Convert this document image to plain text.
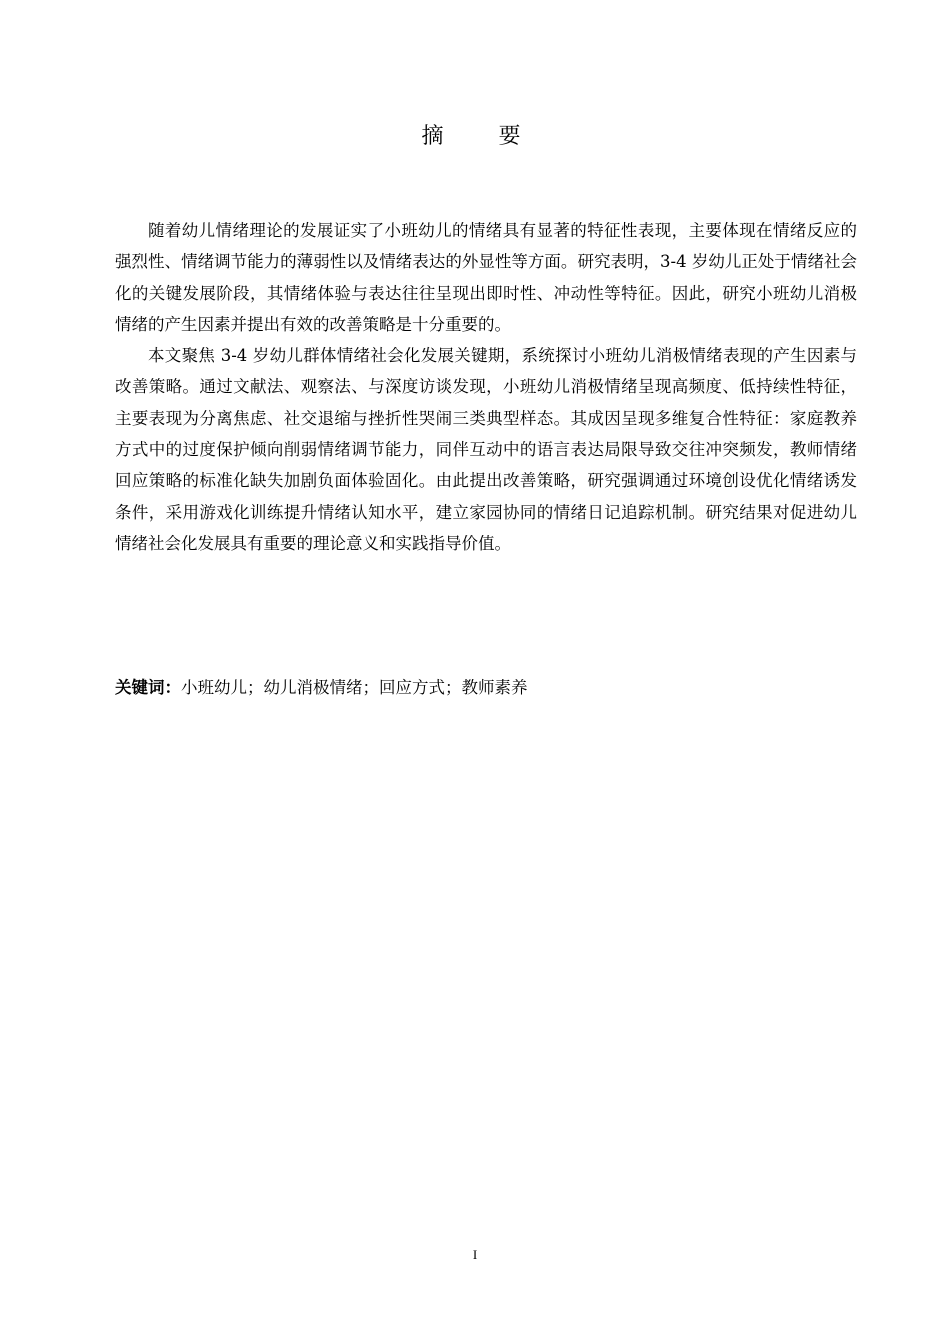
摘 要

随着幼儿情绪理论的发展证实了小班幼儿的情绪具有显著的特征性表现，主要体现在情绪反应的强烈性、情绪调节能力的薄弱性以及情绪表达的外显性等方面。研究表明，3-4 岁幼儿正处于情绪社会化的关键发展阶段，其情绪体验与表达往往呈现出即时性、冲动性等特征。因此，研究小班幼儿消极情绪的产生因素并提出有效的改善策略是十分重要的。

本文聚焦 3-4 岁幼儿群体情绪社会化发展关键期，系统探讨小班幼儿消极情绪表现的产生因素与改善策略。通过文献法、观察法、与深度访谈发现，小班幼儿消极情绪呈现高频度、低持续性特征，主要表现为分离焦虑、社交退缩与挫折性哭闹三类典型样态。其成因呈现多维复合性特征：家庭教养方式中的过度保护倾向削弱情绪调节能力，同伴互动中的语言表达局限导致交往冲突频发，教师情绪回应策略的标准化缺失加剧负面体验固化。由此提出改善策略，研究强调通过环境创设优化情绪诱发条件，采用游戏化训练提升情绪认知水平，建立家园协同的情绪日记追踪机制。研究结果对促进幼儿情绪社会化发展具有重要的理论意义和实践指导价值。

关键词：小班幼儿；幼儿消极情绪；回应方式；教师素养
I
